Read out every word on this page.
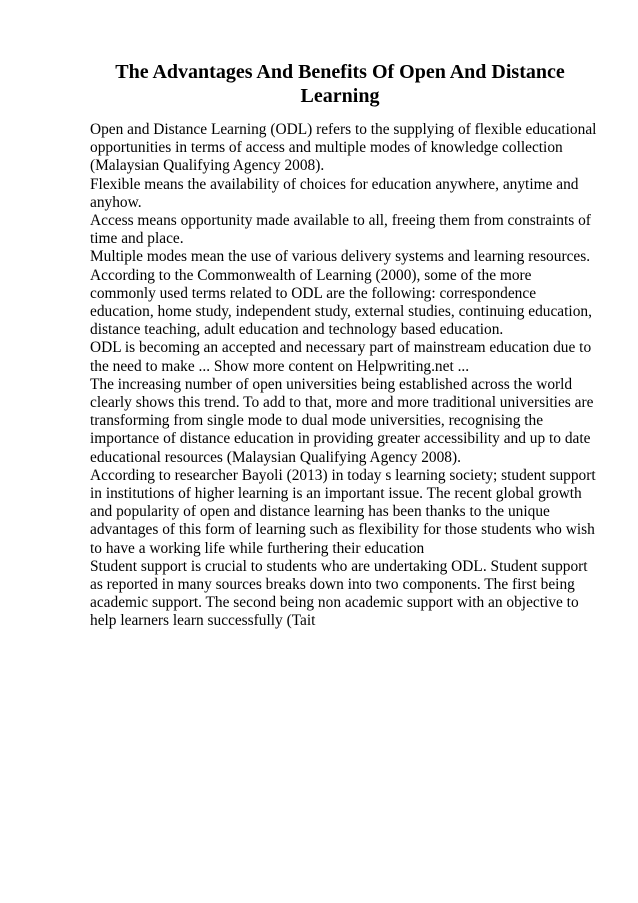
The Advantages And Benefits Of Open And Distance Learning

Open and Distance Learning (ODL) refers to the supplying of flexible educational opportunities in terms of access and multiple modes of knowledge collection (Malaysian Qualifying Agency 2008).

Flexible means the availability of choices for education anywhere, anytime and anyhow.

Access means opportunity made available to all, freeing them from constraints of time and place.

Multiple modes mean the use of various delivery systems and learning resources.

According to the Commonwealth of Learning (2000), some of the more commonly used terms related to ODL are the following: correspondence education, home study, independent study, external studies, continuing education, distance teaching, adult education and technology based education.

ODL is becoming an accepted and necessary part of mainstream education due to the need to make ... Show more content on Helpwriting.net ...

The increasing number of open universities being established across the world clearly shows this trend. To add to that, more and more traditional universities are transforming from single mode to dual mode universities, recognising the importance of distance education in providing greater accessibility and up to date educational resources (Malaysian Qualifying Agency 2008).

According to researcher Bayoli (2013) in today s learning society; student support in institutions of higher learning is an important issue. The recent global growth and popularity of open and distance learning has been thanks to the unique advantages of this form of learning such as flexibility for those students who wish to have a working life while furthering their education

Student support is crucial to students who are undertaking ODL. Student support as reported in many sources breaks down into two components. The first being academic support. The second being non academic support with an objective to help learners learn successfully (Tait
